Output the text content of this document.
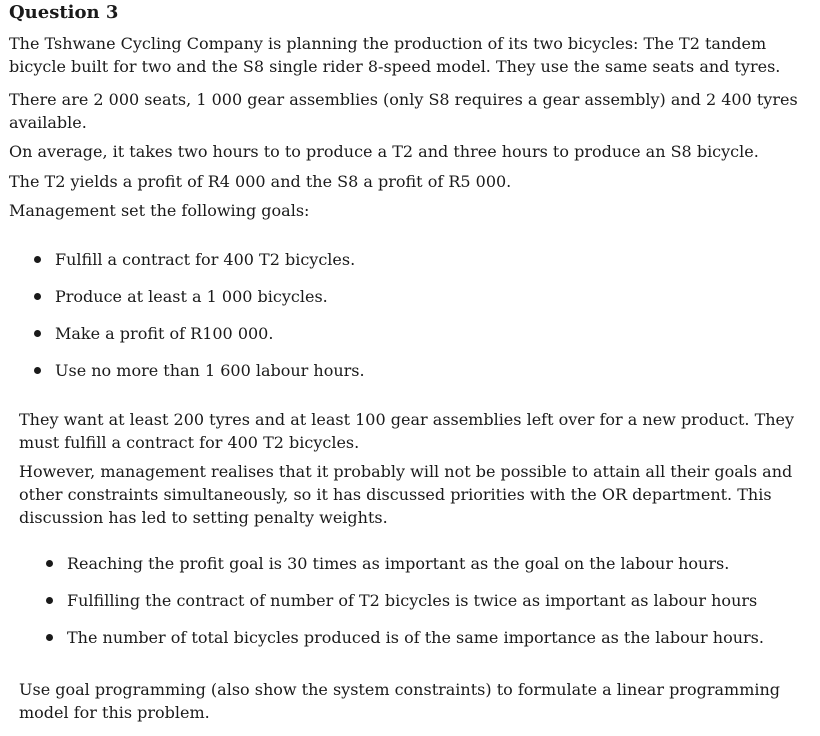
Question 3

The Tshwane Cycling Company is planning the production of its two bicycles: The T2 tandem bicycle built for two and the S8 single rider 8-speed model. They use the same seats and tyres.

There are 2 000 seats, 1 000 gear assemblies (only S8 requires a gear assembly) and 2 400 tyres available.

On average, it takes two hours to to produce a T2 and three hours to produce an S8 bicycle.

The T2 yields a profit of R4 000 and the S8 a profit of R5 000.

Management set the following goals:

Fulfill a contract for 400 T2 bicycles.
Produce at least a 1 000 bicycles.
Make a profit of R100 000.
Use no more than 1 600 labour hours.

They want at least 200 tyres and at least 100 gear assemblies left over for a new product. They must fulfill a contract for 400 T2 bicycles.

However, management realises that it probably will not be possible to attain all their goals and other constraints simultaneously, so it has discussed priorities with the OR department. This discussion has led to setting penalty weights.

Reaching the profit goal is 30 times as important as the goal on the labour hours.
Fulfilling the contract of number of T2 bicycles is twice as important as labour hours
The number of total bicycles produced is of the same importance as the labour hours.

Use goal programming (also show the system constraints) to formulate a linear programming model for this problem.
